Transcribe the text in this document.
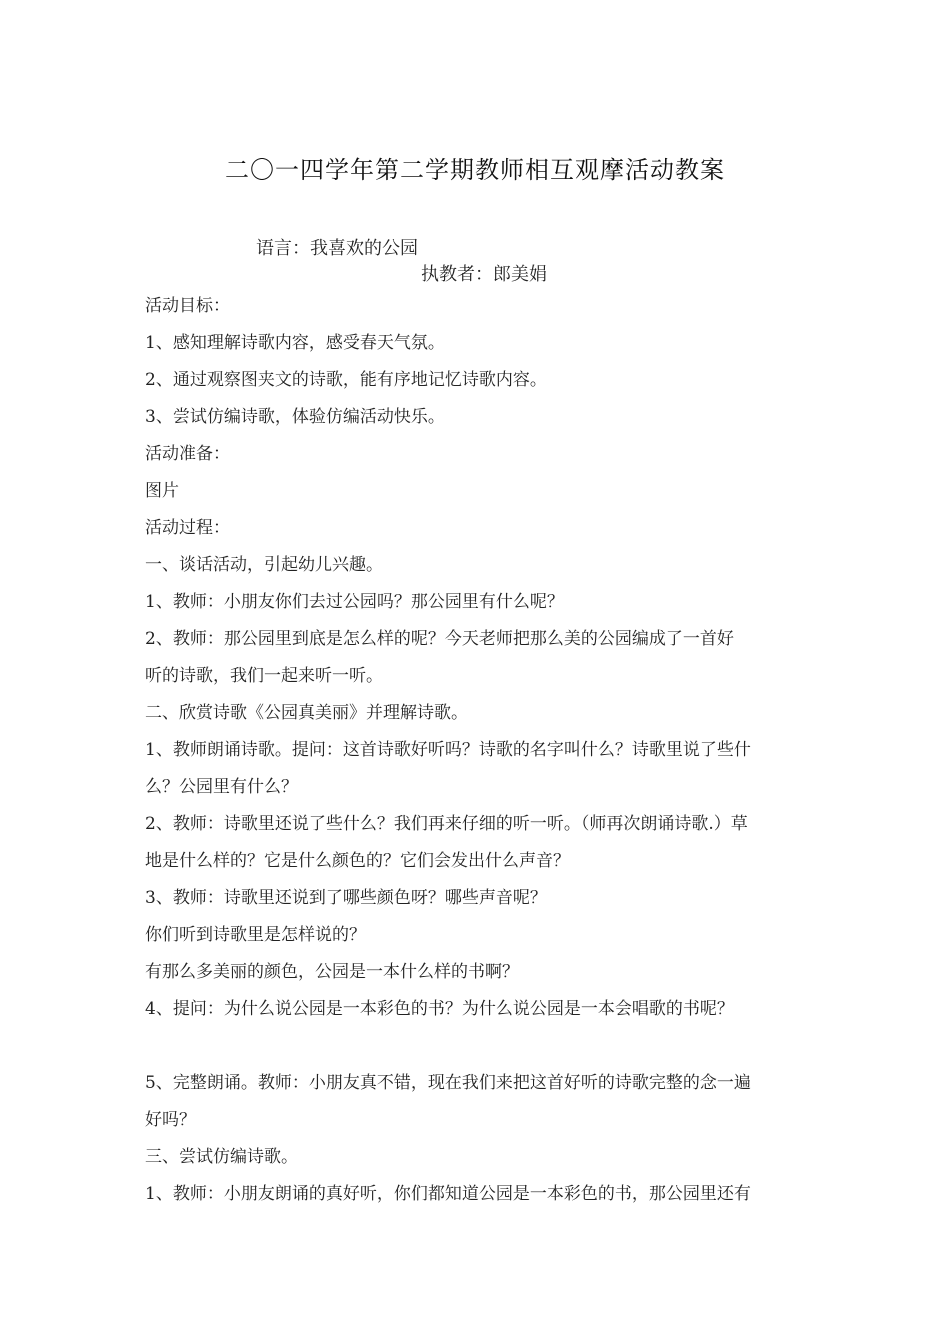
二〇一四学年第二学期教师相互观摩活动教案
语言：我喜欢的公园
执教者：郎美娟
活动目标：
1、感知理解诗歌内容，感受春天气氛。
2、通过观察图夹文的诗歌，能有序地记忆诗歌内容。
3、尝试仿编诗歌，体验仿编活动快乐。
活动准备：
图片
活动过程：
一、谈话活动，引起幼儿兴趣。
1、教师：小朋友你们去过公园吗？那公园里有什么呢？
2、教师：那公园里到底是怎么样的呢？今天老师把那么美的公园编成了一首好
听的诗歌，我们一起来听一听。
二、欣赏诗歌《公园真美丽》并理解诗歌。
1、教师朗诵诗歌。提问：这首诗歌好听吗？诗歌的名字叫什么？诗歌里说了些什
么？公园里有什么？
2、教师：诗歌里还说了些什么？我们再来仔细的听一听。（师再次朗诵诗歌.）草
地是什么样的？它是什么颜色的？它们会发出什么声音？
3、教师：诗歌里还说到了哪些颜色呀？哪些声音呢？
你们听到诗歌里是怎样说的？
有那么多美丽的颜色，公园是一本什么样的书啊？
4、提问：为什么说公园是一本彩色的书？为什么说公园是一本会唱歌的书呢？
5、完整朗诵。教师：小朋友真不错，现在我们来把这首好听的诗歌完整的念一遍
好吗？
三、尝试仿编诗歌。
1、教师：小朋友朗诵的真好听，你们都知道公园是一本彩色的书，那公园里还有
